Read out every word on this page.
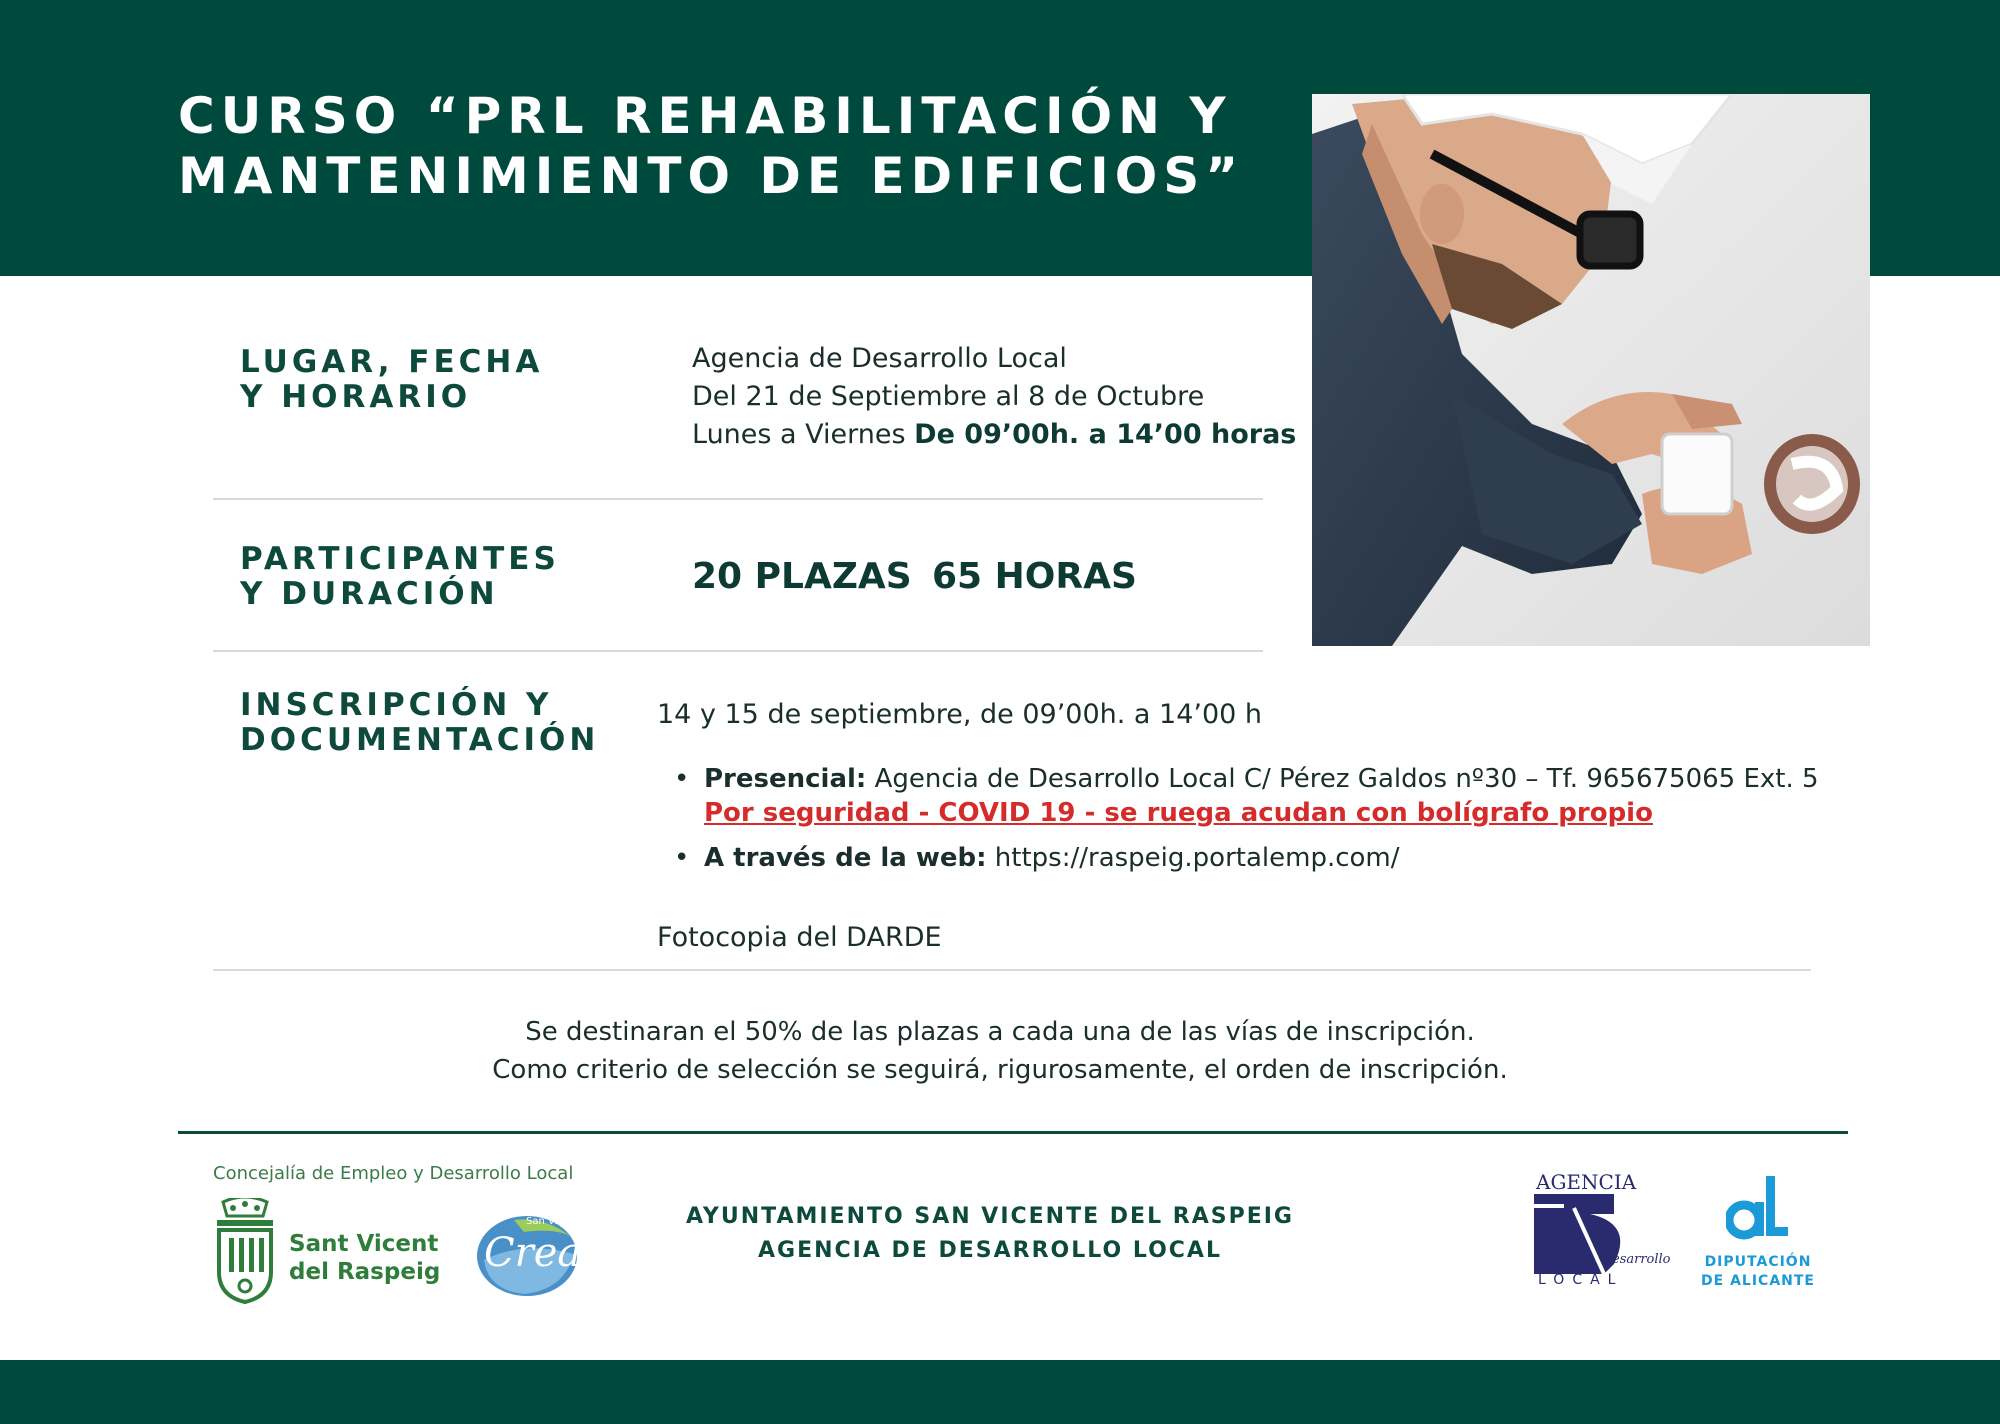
CURSO “PRL REHABILITACIÓN Y
MANTENIMIENTO DE EDIFICIOS”
LUGAR, FECHA
Y HORARIO
Agencia de Desarrollo Local
Del 21 de Septiembre al 8 de Octubre
Lunes a Viernes De 09’00h. a 14’00 horas
PARTICIPANTES
Y DURACIÓN	20 PLAZAS 65 HORAS
INSCRIPCIÓN Y
DOCUMENTACIÓN
14 y 15 de septiembre, de 09’00h. a 14’00 h
• Presencial: Agencia de Desarrollo Local C/ Pérez Galdos nº30 – Tf. 965675065 Ext. 5
Por seguridad - COVID 19 - se ruega acudan con bolígrafo propio
• A través de la web: https://raspeig.portalemp.com/
Fotocopia del DARDE
Se destinaran el 50% de las plazas a cada una de las vías de inscripción.
Como criterio de selección se seguirá, rigurosamente, el orden de inscripción.
Concejalía de Empleo y Desarrollo Local
Sant Vicent
del Raspeig
San Vicente
Crea
AYUNTAMIENTO SAN VICENTE DEL RASPEIG
AGENCIA DE DESARROLLO LOCAL
AGENCIA
esarrollo
LOCAL
DIPUTACIÓN
DE ALICANTE
